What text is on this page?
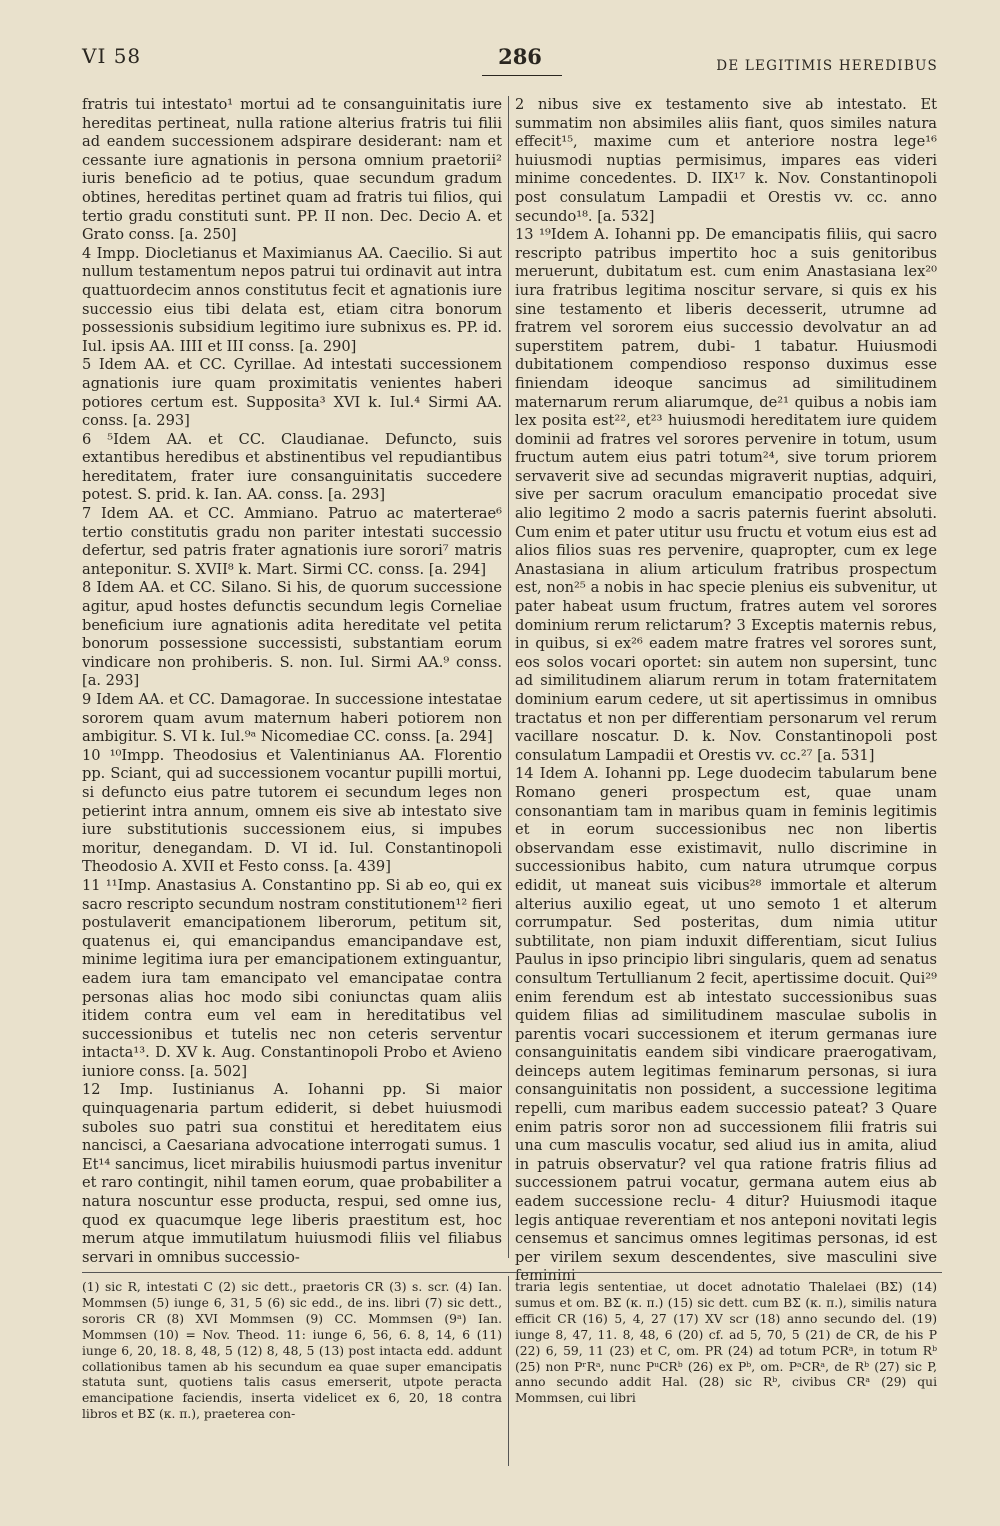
VI 58	286	DE LEGITIMIS HEREDIBUS

fratris tui intestato¹ mortui ad te consanguinitatis iure hereditas pertineat, nulla ratione alterius fratris tui filii ad eandem successionem adspirare desiderant: nam et cessante iure agnationis in persona omnium praetorii² iuris beneficio ad te potius, quae secundum gradum obtines, hereditas pertinet quam ad fratris tui filios, qui tertio gradu constituti sunt. PP. II non. Dec. Decio A. et Grato conss. [a. 250]

4 Impp. Diocletianus et Maximianus AA. Caecilio. Si aut nullum testamentum nepos patrui tui ordinavit aut intra quattuordecim annos constitutus fecit et agnationis iure successio eius tibi delata est, etiam citra bonorum possessionis subsidium legitimo iure subnixus es. PP. id. Iul. ipsis AA. IIII et III conss. [a. 290]

5 Idem AA. et CC. Cyrillae. Ad intestati successionem agnationis iure quam proximitatis venientes haberi potiores certum est. Supposita³ XVI k. Iul.⁴ Sirmi AA. conss. [a. 293]

6 ⁵Idem AA. et CC. Claudianae. Defuncto, suis extantibus heredibus et abstinentibus vel repudiantibus hereditatem, frater iure consanguinitatis succedere potest. S. prid. k. Ian. AA. conss. [a. 293]

7 Idem AA. et CC. Ammiano. Patruo ac materterae⁶ tertio constitutis gradu non pariter intestati successio defertur, sed patris frater agnationis iure sorori⁷ matris anteponitur. S. XVII⁸ k. Mart. Sirmi CC. conss. [a. 294]

8 Idem AA. et CC. Silano. Si his, de quorum successione agitur, apud hostes defunctis secundum legis Corneliae beneficium iure agnationis adita hereditate vel petita bonorum possessione successisti, substantiam eorum vindicare non prohiberis. S. non. Iul. Sirmi AA.⁹ conss. [a. 293]

9 Idem AA. et CC. Damagorae. In successione intestatae sororem quam avum maternum haberi potiorem non ambigitur. S. VI k. Iul.⁹ᵃ Nicomediae CC. conss. [a. 294]

10 ¹⁰Impp. Theodosius et Valentinianus AA. Florentio pp. Sciant, qui ad successionem vocantur pupilli mortui, si defuncto eius patre tutorem ei secundum leges non petierint intra annum, omnem eis sive ab intestato sive iure substitutionis successionem eius, si impubes moritur, denegandam. D. VI id. Iul. Constantinopoli Theodosio A. XVII et Festo conss. [a. 439]

11 ¹¹Imp. Anastasius A. Constantino pp. Si ab eo, qui ex sacro rescripto secundum nostram constitutionem¹² fieri postulaverit emancipationem liberorum, petitum sit, quatenus ei, qui emancipandus emancipandave est, minime legitima iura per emancipationem extinguantur, eadem iura tam emancipato vel emancipatae contra personas alias hoc modo sibi coniunctas quam aliis itidem contra eum vel eam in hereditatibus vel successionibus et tutelis nec non ceteris serventur intacta¹³. D. XV k. Aug. Constantinopoli Probo et Avieno iuniore conss. [a. 502]

12 Imp. Iustinianus A. Iohanni pp. Si maior quinquagenaria partum ediderit, si debet huiusmodi suboles suo patri sua constitui et hereditatem eius nancisci, a Caesariana advocatione interrogati sumus. 1 Et¹⁴ sancimus, licet mirabilis huiusmodi partus invenitur et raro contingit, nihil tamen eorum, quae probabiliter a natura noscuntur esse producta, respui, sed omne ius, quod ex quacumque lege liberis praestitum est, hoc merum atque immutilatum huiusmodi filiis vel filiabus servari in omnibus successio-

2 nibus sive ex testamento sive ab intestato. Et summatim non absimiles aliis fiant, quos similes natura effecit¹⁵, maxime cum et anteriore nostra lege¹⁶ huiusmodi nuptias permisimus, impares eas videri minime concedentes. D. IIX¹⁷ k. Nov. Constantinopoli post consulatum Lampadii et Orestis vv. cc. anno secundo¹⁸. [a. 532]

13 ¹⁹Idem A. Iohanni pp. De emancipatis filiis, qui sacro rescripto patribus impertito hoc a suis genitoribus meruerunt, dubitatum est. cum enim Anastasiana lex²⁰ iura fratribus legitima noscitur servare, si quis ex his sine testamento et liberis decesserit, utrumne ad fratrem vel sororem eius successio devolvatur an ad superstitem patrem, dubi- 1 tabatur. Huiusmodi dubitationem compendioso responso duximus esse finiendam ideoque sancimus ad similitudinem maternarum rerum aliarumque, de²¹ quibus a nobis iam lex posita est²², et²³ huiusmodi hereditatem iure quidem dominii ad fratres vel sorores pervenire in totum, usum fructum autem eius patri totum²⁴, sive torum priorem servaverit sive ad secundas migraverit nuptias, adquiri, sive per sacrum oraculum emancipatio procedat sive alio legitimo 2 modo a sacris paternis fuerint absoluti. Cum enim et pater utitur usu fructu et votum eius est ad alios filios suas res pervenire, quapropter, cum ex lege Anastasiana in alium articulum fratribus prospectum est, non²⁵ a nobis in hac specie plenius eis subvenitur, ut pater habeat usum fructum, fratres autem vel sorores dominium rerum relictarum? 3 Exceptis maternis rebus, in quibus, si ex²⁶ eadem matre fratres vel sorores sunt, eos solos vocari oportet: sin autem non supersint, tunc ad similitudinem aliarum rerum in totam fraternitatem dominium earum cedere, ut sit apertissimus in omnibus tractatus et non per differentiam personarum vel rerum vacillare noscatur. D. k. Nov. Constantinopoli post consulatum Lampadii et Orestis vv. cc.²⁷ [a. 531]

14 Idem A. Iohanni pp. Lege duodecim tabularum bene Romano generi prospectum est, quae unam consonantiam tam in maribus quam in feminis legitimis et in eorum successionibus nec non libertis observandam esse existimavit, nullo discrimine in successionibus habito, cum natura utrumque corpus edidit, ut maneat suis vicibus²⁸ immortale et alterum alterius auxilio egeat, ut uno semoto 1 et alterum corrumpatur. Sed posteritas, dum nimia utitur subtilitate, non piam induxit differentiam, sicut Iulius Paulus in ipso principio libri singularis, quem ad senatus consultum Tertullianum 2 fecit, apertissime docuit. Qui²⁹ enim ferendum est ab intestato successionibus suas quidem filias ad similitudinem masculae subolis in parentis vocari successionem et iterum germanas iure consanguinitatis eandem sibi vindicare praerogativam, deinceps autem legitimas feminarum personas, si iura consanguinitatis non possident, a successione legitima repelli, cum maribus eadem successio pateat? 3 Quare enim patris soror non ad successionem filii fratris sui una cum masculis vocatur, sed aliud ius in amita, aliud in patruis observatur? vel qua ratione fratris filius ad successionem patrui vocatur, germana autem eius ab eadem successione reclu- 4 ditur? Huiusmodi itaque legis antiquae reverentiam et nos anteponi novitati legis censemus et sancimus omnes legitimas personas, id est per virilem sexum descendentes, sive masculini sive feminini

(1) sic R, intestati C (2) sic dett., praetoris CR (3) s. scr. (4) Ian. Mommsen (5) iunge 6, 31, 5 (6) sic edd., de ins. libri (7) sic dett., sororis CR (8) XVI Mommsen (9) CC. Mommsen (9ᵃ) Ian. Mommsen (10) = Nov. Theod. 11: iunge 6, 56, 6. 8, 14, 6 (11) iunge 6, 20, 18. 8, 48, 5 (12) 8, 48, 5 (13) post intacta edd. addunt collationibus tamen ab his secundum ea quae super emancipatis statuta sunt, quotiens talis casus emerserit, utpote peracta emancipatione faciendis, inserta videlicet ex 6, 20, 18 contra libros et BΣ (κ. π.), praeterea con-

traria legis sententiae, ut docet adnotatio Thalelaei (BΣ) (14) sumus et om. BΣ (κ. π.) (15) sic dett. cum BΣ (κ. π.), similis natura efficit CR (16) 5, 4, 27 (17) XV scr (18) anno secundo del. (19) iunge 8, 47, 11. 8, 48, 6 (20) cf. ad 5, 70, 5 (21) de CR, de his P (22) 6, 59, 11 (23) et C, om. PR (24) ad totum PCRᵃ, in totum Rᵇ (25) non PʳRᵃ, nunc PᵘCRᵇ (26) ex Pᵇ, om. PᵃCRᵃ, de Rᵇ (27) sic P, anno secundo addit Hal. (28) sic Rᵇ, civibus CRᵃ (29) qui Mommsen, cui libri
